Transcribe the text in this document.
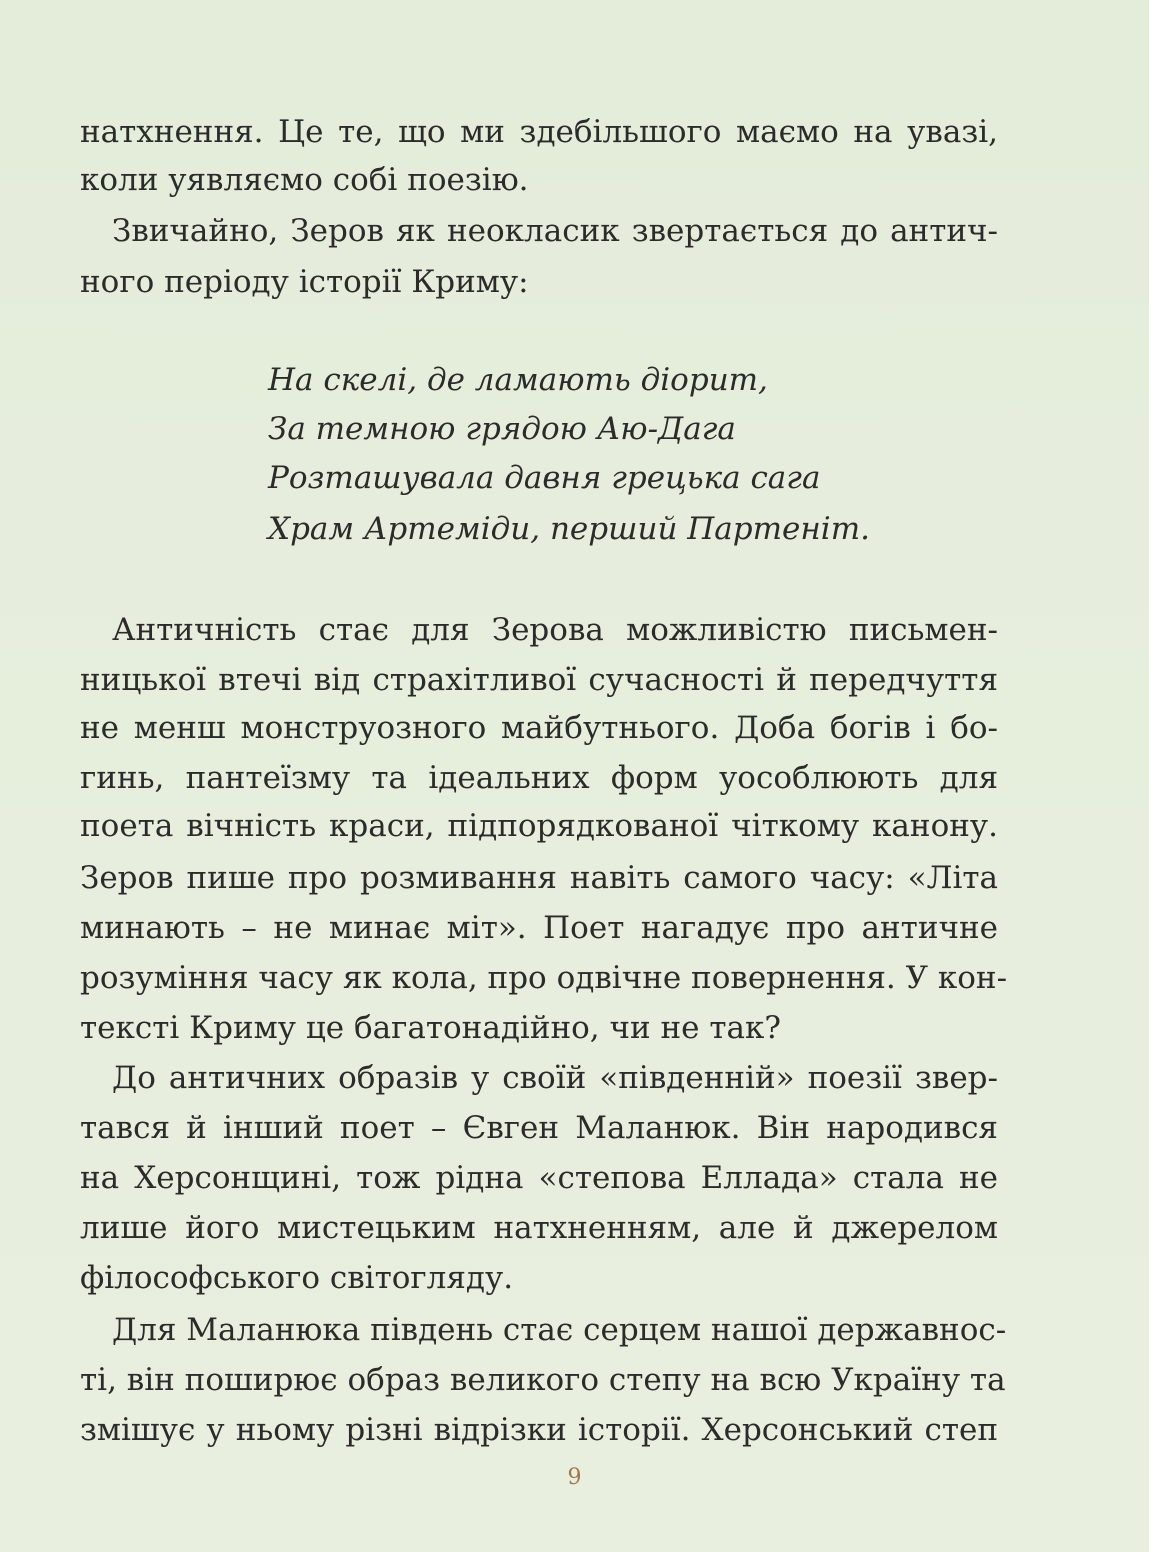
натхнення. Це те, що ми здебільшого маємо на увазі,
коли уявляємо собі поезію.
Звичайно, Зеров як неокласик звертається до антич-
ного періоду історії Криму:
На скелі, де ламають діорит,
За темною грядою Аю-Дага
Розташувала давня грецька сага
Храм Артеміди, перший Партеніт.
Античність стає для Зерова можливістю письмен-
ницької втечі від страхітливої сучасності й передчуття
не менш монструозного майбутнього. Доба богів і бо-
гинь, пантеїзму та ідеальних форм уособлюють для
поета вічність краси, підпорядкованої чіткому канону.
Зеров пише про розмивання навіть самого часу: «Літа
минають – не минає міт». Поет нагадує про античне
розуміння часу як кола, про одвічне повернення. У кон-
тексті Криму це багатонадійно, чи не так?
До античних образів у своїй «південній» поезії звер-
тався й інший поет – Євген Маланюк. Він народився
на Херсонщині, тож рідна «степова Еллада» стала не
лише його мистецьким натхненням, але й джерелом
філософського світогляду.
Для Маланюка південь стає серцем нашої державнос-
ті, він поширює образ великого степу на всю Україну та
змішує у ньому різні відрізки історії. Херсонський степ
9
